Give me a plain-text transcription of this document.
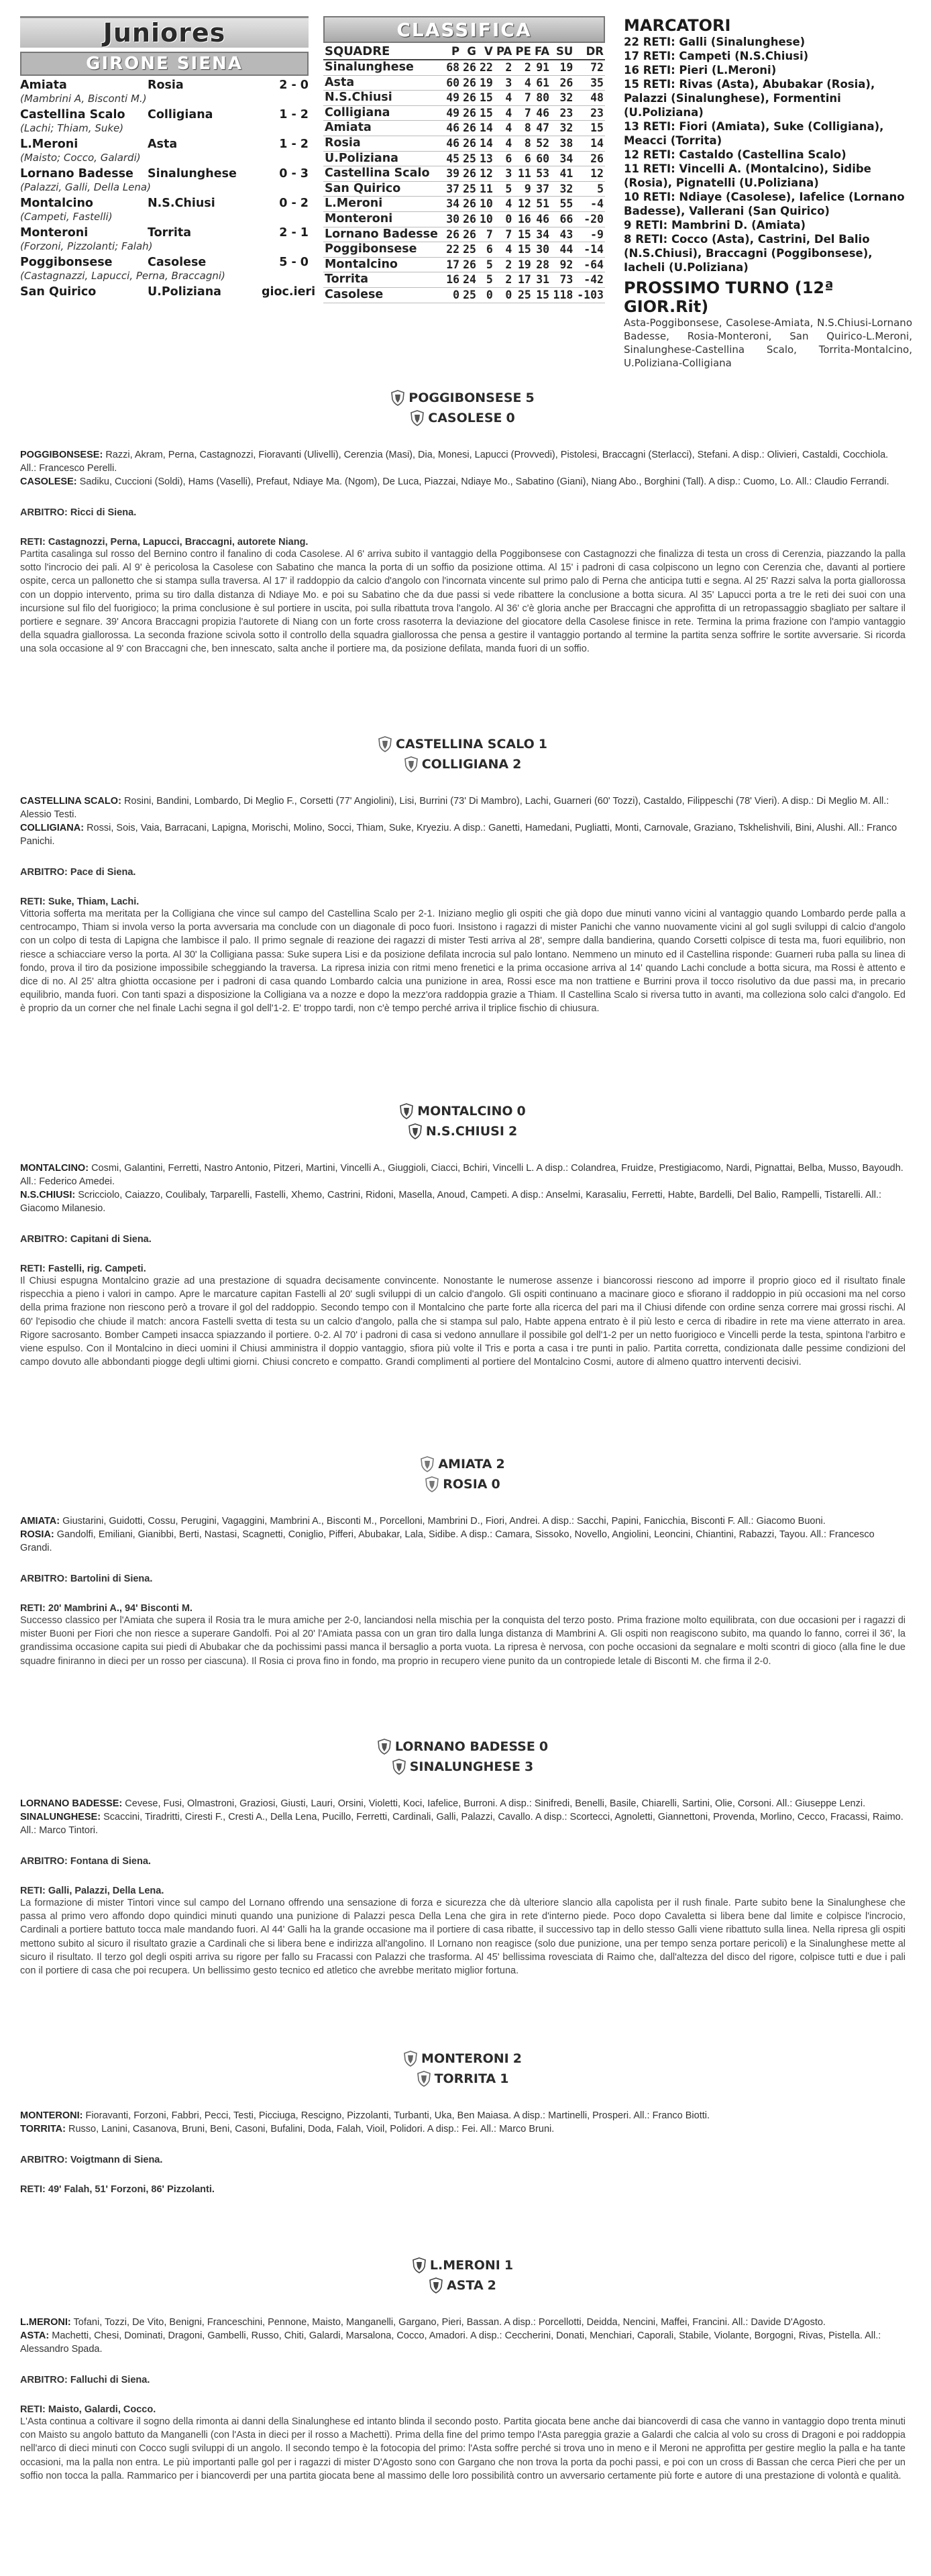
Juniores
GIRONE SIENA
Amiata	Rosia	2 - 0
(Mambrini A, Bisconti M.)
Castellina Scalo	Colligiana	1 - 2
(Lachi; Thiam, Suke)
L.Meroni	Asta	1 - 2
(Maisto; Cocco, Galardi)
Lornano Badesse	Sinalunghese	0 - 3
(Palazzi, Galli, Della Lena)
Montalcino	N.S.Chiusi	0 - 2
(Campeti, Fastelli)
Monteroni	Torrita	2 - 1
(Forzoni, Pizzolanti; Falah)
Poggibonsese	Casolese	5 - 0
(Castagnazzi, Lapucci, Perna, Braccagni)
San Quirico	U.Poliziana	gioc.ieri
CLASSIFICA
SQUADRE	P	G	V	PA	PE	FA	SU	DR
Sinalunghese	68	26	22	2	2	91	19	72
Asta	60	26	19	3	4	61	26	35
N.S.Chiusi	49	26	15	4	7	80	32	48
Colligiana	49	26	15	4	7	46	23	23
Amiata	46	26	14	4	8	47	32	15
Rosia	46	26	14	4	8	52	38	14
U.Poliziana	45	25	13	6	6	60	34	26
Castellina Scalo	39	26	12	3	11	53	41	12
San Quirico	37	25	11	5	9	37	32	5
L.Meroni	34	26	10	4	12	51	55	-4
Monteroni	30	26	10	0	16	46	66	-20
Lornano Badesse	26	26	7	7	15	34	43	-9
Poggibonsese	22	25	6	4	15	30	44	-14
Montalcino	17	26	5	2	19	28	92	-64
Torrita	16	24	5	2	17	31	73	-42
Casolese	0	25	0	0	25	15	118	-103
MARCATORI
22 RETI: Galli (Sinalunghese)
17 RETI: Campeti (N.S.Chiusi)
16 RETI: Pieri (L.Meroni)
15 RETI: Rivas (Asta), Abubakar (Rosia), Palazzi (Sinalunghese), Formentini (U.Poliziana)
13 RETI: Fiori (Amiata), Suke (Colligiana), Meacci (Torrita)
12 RETI: Castaldo (Castellina Scalo)
11 RETI: Vincelli A. (Montalcino), Sidibe (Rosia), Pignatelli (U.Poliziana)
10 RETI: Ndiaye (Casolese), Iafelice (Lornano Badesse), Vallerani (San Quirico)
9 RETI: Mambrini D. (Amiata)
8 RETI: Cocco (Asta), Castrini, Del Balio (N.S.Chiusi), Braccagni (Poggibonsese), Iacheli (U.Poliziana)
PROSSIMO TURNO (12ª GIOR.Rit)
Asta-Poggibonsese, Casolese-Amiata, N.S.Chiusi-Lornano Badesse, Rosia-Monteroni, San Quirico-L.Meroni, Sinalunghese-Castellina Scalo, Torrita-Montalcino, U.Poliziana-Colligiana
POGGIBONSESE 5
CASOLESE 0
POGGIBONSESE: Razzi, Akram, Perna, Castagnozzi, Fioravanti (Ulivelli), Cerenzia (Masi), Dia, Monesi, Lapucci (Provvedi), Pistolesi, Braccagni (Sterlacci), Stefani. A disp.: Olivieri, Castaldi, Cocchiola. All.: Francesco Perelli.
CASOLESE: Sadiku, Cuccioni (Soldi), Hams (Vaselli), Prefaut, Ndiaye Ma. (Ngom), De Luca, Piazzai, Ndiaye Mo., Sabatino (Giani), Niang Abo., Borghini (Tall). A disp.: Cuomo, Lo. All.: Claudio Ferrandi.
ARBITRO: Ricci di Siena.
RETI: Castagnozzi, Perna, Lapucci, Braccagni, autorete Niang.
Partita casalinga sul rosso del Bernino contro il fanalino di coda Casolese. Al 6' arriva subito il vantaggio della Poggibonsese con Castagnozzi che finalizza di testa un cross di Cerenzia, piazzando la palla sotto l'incrocio dei pali. Al 9' è pericolosa la Casolese con Sabatino che manca la porta di un soffio da posizione ottima. Al 15' i padroni di casa colpiscono un legno con Cerenzia che, davanti al portiere ospite, cerca un pallonetto che si stampa sulla traversa. Al 17' il raddoppio da calcio d'angolo con l'incornata vincente sul primo palo di Perna che anticipa tutti e segna. Al 25' Razzi salva la porta giallorossa con un doppio intervento, prima su tiro dalla distanza di Ndiaye Mo. e poi su Sabatino che da due passi si vede ribattere la conclusione a botta sicura. Al 35' Lapucci porta a tre le reti dei suoi con una incursione sul filo del fuorigioco; la prima conclusione è sul portiere in uscita, poi sulla ribattuta trova l'angolo. Al 36' c'è gloria anche per Braccagni che approfitta di un retropassaggio sbagliato per saltare il portiere e segnare. 39' Ancora Braccagni propizia l'autorete di Niang con un forte cross rasoterra la deviazione del giocatore della Casolese finisce in rete. Termina la prima frazione con l'ampio vantaggio della squadra giallorossa. La seconda frazione scivola sotto il controllo della squadra giallorossa che pensa a gestire il vantaggio portando al termine la partita senza soffrire le sortite avversarie. Si ricorda una sola occasione al 9' con Braccagni che, ben innescato, salta anche il portiere ma, da posizione defilata, manda fuori di un soffio.
CASTELLINA SCALO 1
COLLIGIANA 2
CASTELLINA SCALO: Rosini, Bandini, Lombardo, Di Meglio F., Corsetti (77' Angiolini), Lisi, Burrini (73' Di Mambro), Lachi, Guarneri (60' Tozzi), Castaldo, Filippeschi (78' Vieri). A disp.: Di Meglio M. All.: Alessio Testi.
COLLIGIANA: Rossi, Sois, Vaia, Barracani, Lapigna, Morischi, Molino, Socci, Thiam, Suke, Kryeziu. A disp.: Ganetti, Hamedani, Pugliatti, Monti, Carnovale, Graziano, Tskhelishvili, Bini, Alushi. All.: Franco Panichi.
ARBITRO: Pace di Siena.
RETI: Suke, Thiam, Lachi.
Vittoria sofferta ma meritata per la Colligiana che vince sul campo del Castellina Scalo per 2-1. Iniziano meglio gli ospiti che già dopo due minuti vanno vicini al vantaggio quando Lombardo perde palla a centrocampo, Thiam si invola verso la porta avversaria ma conclude con un diagonale di poco fuori. Insistono i ragazzi di mister Panichi che vanno nuovamente vicini al gol sugli sviluppi di calcio d'angolo con un colpo di testa di Lapigna che lambisce il palo. Il primo segnale di reazione dei ragazzi di mister Testi arriva al 28', sempre dalla bandierina, quando Corsetti colpisce di testa ma, fuori equilibrio, non riesce a schiacciare verso la porta. Al 30' la Colligiana passa: Suke supera Lisi e da posizione defilata incrocia sul palo lontano. Nemmeno un minuto ed il Castellina risponde: Guarneri ruba palla su linea di fondo, prova il tiro da posizione impossibile scheggiando la traversa. La ripresa inizia con ritmi meno frenetici e la prima occasione arriva al 14' quando Lachi conclude a botta sicura, ma Rossi è attento e dice di no. Al 25' altra ghiotta occasione per i padroni di casa quando Lombardo calcia una punizione in area, Rossi esce ma non trattiene e Burrini prova il tocco risolutivo da due passi ma, in precario equilibrio, manda fuori. Con tanti spazi a disposizione la Colligiana va a nozze e dopo la mezz'ora raddoppia grazie a Thiam. Il Castellina Scalo si riversa tutto in avanti, ma colleziona solo calci d'angolo. Ed è proprio da un corner che nel finale Lachi segna il gol dell'1-2. E' troppo tardi, non c'è tempo perché arriva il triplice fischio di chiusura.
MONTALCINO 0
N.S.CHIUSI 2
MONTALCINO: Cosmi, Galantini, Ferretti, Nastro Antonio, Pitzeri, Martini, Vincelli A., Giuggioli, Ciacci, Bchiri, Vincelli L. A disp.: Colandrea, Fruidze, Prestigiacomo, Nardi, Pignattai, Belba, Musso, Bayoudh. All.: Federico Amedei.
N.S.CHIUSI: Scricciolo, Caiazzo, Coulibaly, Tarparelli, Fastelli, Xhemo, Castrini, Ridoni, Masella, Anoud, Campeti. A disp.: Anselmi, Karasaliu, Ferretti, Habte, Bardelli, Del Balio, Rampelli, Tistarelli. All.: Giacomo Milanesio.
ARBITRO: Capitani di Siena.
RETI: Fastelli, rig. Campeti.
Il Chiusi espugna Montalcino grazie ad una prestazione di squadra decisamente convincente. Nonostante le numerose assenze i biancorossi riescono ad imporre il proprio gioco ed il risultato finale rispecchia a pieno i valori in campo. Apre le marcature capitan Fastelli al 20' sugli sviluppi di un calcio d'angolo. Gli ospiti continuano a macinare gioco e sfiorano il raddoppio in più occasioni ma nel corso della prima frazione non riescono però a trovare il gol del raddoppio. Secondo tempo con il Montalcino che parte forte alla ricerca del pari ma il Chiusi difende con ordine senza correre mai grossi rischi. Al 60' l'episodio che chiude il match: ancora Fastelli svetta di testa su un calcio d'angolo, palla che si stampa sul palo, Habte appena entrato è il più lesto e cerca di ribadire in rete ma viene atterrato in area. Rigore sacrosanto. Bomber Campeti insacca spiazzando il portiere. 0-2. Al 70' i padroni di casa si vedono annullare il possibile gol dell'1-2 per un netto fuorigioco e Vincelli perde la testa, spintona l'arbitro e viene espulso. Con il Montalcino in dieci uomini il Chiusi amministra il doppio vantaggio, sfiora più volte il Tris e porta a casa i tre punti in palio. Partita corretta, condizionata dalle pessime condizioni del campo dovuto alle abbondanti piogge degli ultimi giorni. Chiusi concreto e compatto. Grandi complimenti al portiere del Montalcino Cosmi, autore di almeno quattro interventi decisivi.
AMIATA 2
ROSIA 0
AMIATA: Giustarini, Guidotti, Cossu, Perugini, Vagaggini, Mambrini A., Bisconti M., Porcelloni, Mambrini D., Fiori, Andrei. A disp.: Sacchi, Papini, Fanicchia, Bisconti F. All.: Giacomo Buoni.
ROSIA: Gandolfi, Emiliani, Gianibbi, Berti, Nastasi, Scagnetti, Coniglio, Pifferi, Abubakar, Lala, Sidibe. A disp.: Camara, Sissoko, Novello, Angiolini, Leoncini, Chiantini, Rabazzi, Tayou. All.: Francesco Grandi.
ARBITRO: Bartolini di Siena.
RETI: 20' Mambrini A., 94' Bisconti M.
Successo classico per l'Amiata che supera il Rosia tra le mura amiche per 2-0, lanciandosi nella mischia per la conquista del terzo posto. Prima frazione molto equilibrata, con due occasioni per i ragazzi di mister Buoni per Fiori che non riesce a superare Gandolfi. Poi al 20' l'Amiata passa con un gran tiro dalla lunga distanza di Mambrini A. Gli ospiti non reagiscono subito, ma quando lo fanno, correi il 36', la grandissima occasione capita sui piedi di Abubakar che da pochissimi passi manca il bersaglio a porta vuota. La ripresa è nervosa, con poche occasioni da segnalare e molti scontri di gioco (alla fine le due squadre finiranno in dieci per un rosso per ciascuna). Il Rosia ci prova fino in fondo, ma proprio in recupero viene punito da un contropiede letale di Bisconti M. che firma il 2-0.
LORNANO BADESSE 0
SINALUNGHESE 3
LORNANO BADESSE: Cevese, Fusi, Olmastroni, Graziosi, Giusti, Lauri, Orsini, Violetti, Koci, Iafelice, Burroni. A disp.: Sinifredi, Benelli, Basile, Chiarelli, Sartini, Olie, Corsoni. All.: Giuseppe Lenzi.
SINALUNGHESE: Scaccini, Tiradritti, Ciresti F., Cresti A., Della Lena, Pucillo, Ferretti, Cardinali, Galli, Palazzi, Cavallo. A disp.: Scortecci, Agnoletti, Giannettoni, Provenda, Morlino, Cecco, Fracassi, Raimo. All.: Marco Tintori.
ARBITRO: Fontana di Siena.
RETI: Galli, Palazzi, Della Lena.
La formazione di mister Tintori vince sul campo del Lornano offrendo una sensazione di forza e sicurezza che dà ulteriore slancio alla capolista per il rush finale. Parte subito bene la Sinalunghese che passa al primo vero affondo dopo quindici minuti quando una punizione di Palazzi pesca Della Lena che gira in rete d'interno piede. Poco dopo Cavaletta si libera bene dal limite e colpisce l'incrocio, Cardinali a portiere battuto tocca male mandando fuori. Al 44' Galli ha la grande occasione ma il portiere di casa ribatte, il successivo tap in dello stesso Galli viene ribattuto sulla linea. Nella ripresa gli ospiti mettono subito al sicuro il risultato grazie a Cardinali che si libera bene e indirizza all'angolino. Il Lornano non reagisce (solo due punizione, una per tempo senza portare pericoli) e la Sinalunghese mette al sicuro il risultato. Il terzo gol degli ospiti arriva su rigore per fallo su Fracassi con Palazzi che trasforma. Al 45' bellissima rovesciata di Raimo che, dall'altezza del disco del rigore, colpisce tutti e due i pali con il portiere di casa che poi recupera. Un bellissimo gesto tecnico ed atletico che avrebbe meritato miglior fortuna.
MONTERONI 2
TORRITA 1
MONTERONI: Fioravanti, Forzoni, Fabbri, Pecci, Testi, Picciuga, Rescigno, Pizzolanti, Turbanti, Uka, Ben Maiasa. A disp.: Martinelli, Prosperi. All.: Franco Biotti.
TORRITA: Russo, Lanini, Casanova, Bruni, Beni, Casoni, Bufalini, Doda, Falah, Vioil, Polidori. A disp.: Fei. All.: Marco Bruni.
ARBITRO: Voigtmann di Siena.
RETI: 49' Falah, 51' Forzoni, 86' Pizzolanti.
L.MERONI 1
ASTA 2
L.MERONI: Tofani, Tozzi, De Vito, Benigni, Franceschini, Pennone, Maisto, Manganelli, Gargano, Pieri, Bassan. A disp.: Porcellotti, Deidda, Nencini, Maffei, Francini. All.: Davide D'Agosto.
ASTA: Machetti, Chesi, Dominati, Dragoni, Gambelli, Russo, Chiti, Galardi, Marsalona, Cocco, Amadori. A disp.: Ceccherini, Donati, Menchiari, Caporali, Stabile, Violante, Borgogni, Rivas, Pistella. All.: Alessandro Spada.
ARBITRO: Falluchi di Siena.
RETI: Maisto, Galardi, Cocco.
L'Asta continua a coltivare il sogno della rimonta ai danni della Sinalunghese ed intanto blinda il secondo posto. Partita giocata bene anche dai biancoverdi di casa che vanno in vantaggio dopo trenta minuti con Maisto su angolo battuto da Manganelli (con l'Asta in dieci per il rosso a Machetti). Prima della fine del primo tempo l'Asta pareggia grazie a Galardi che calcia al volo su cross di Dragoni e poi raddoppia nell'arco di dieci minuti con Cocco sugli sviluppi di un angolo. Il secondo tempo è la fotocopia del primo: l'Asta soffre perché si trova uno in meno e il Meroni ne approfitta per gestire meglio la palla e ha tante occasioni, ma la palla non entra. Le più importanti palle gol per i ragazzi di mister D'Agosto sono con Gargano che non trova la porta da pochi passi, e poi con un cross di Bassan che cerca Pieri che per un soffio non tocca la palla. Rammarico per i biancoverdi per una partita giocata bene al massimo delle loro possibilità contro un avversario certamente più forte e autore di una prestazione di volontà e qualità.
